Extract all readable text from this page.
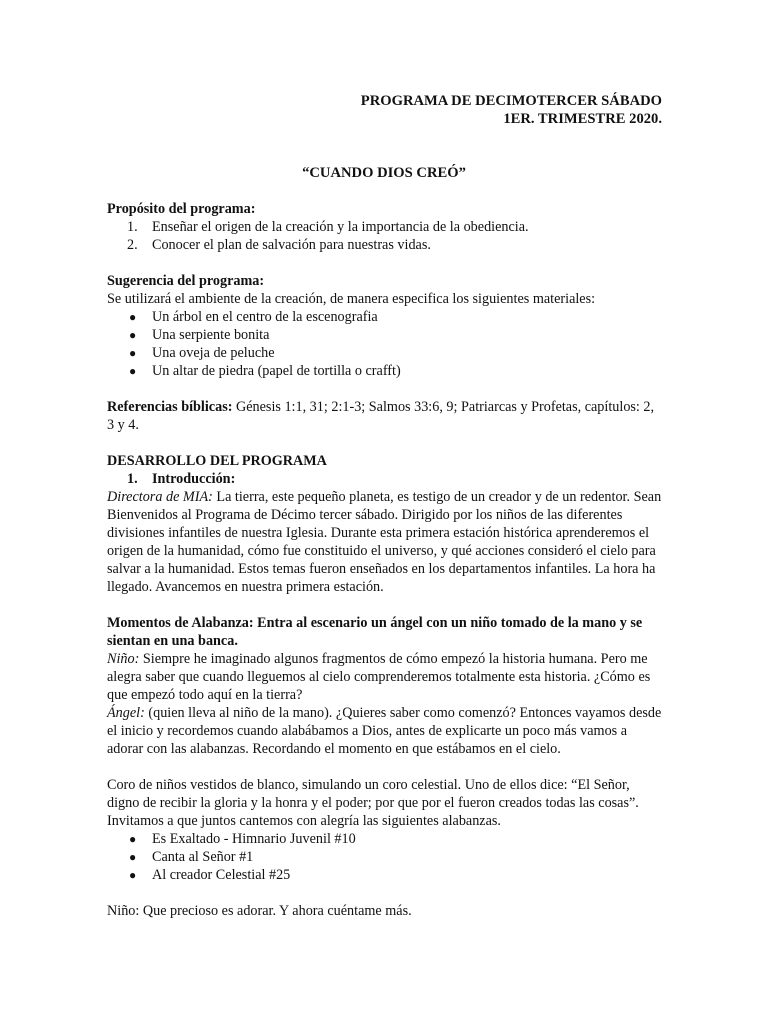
PROGRAMA DE DECIMOTERCER SÁBADO
1ER. TRIMESTRE 2020.
“CUANDO DIOS CREÓ”
Propósito del programa:
1.	Enseñar el origen de la creación y la importancia de la obediencia.
2.	Conocer el plan de salvación para nuestras vidas.
Sugerencia del programa:

Se utilizará el ambiente de la creación, de manera especifica los siguientes materiales:

●	Un árbol en el centro de la escenografia
●	Una serpiente bonita
●	Una oveja de peluche
●	Un altar de piedra (papel de tortilla o crafft)

Referencias bíblicas: Génesis 1:1, 31; 2:1-3; Salmos 33:6, 9; Patriarcas y Profetas, capítulos: 2, 3 y 4.

DESARROLLO DEL PROGRAMA
1.	Introducción:

Directora de MIA: La tierra, este pequeño planeta, es testigo de un creador y de un redentor. Sean Bienvenidos al Programa de Décimo tercer sábado. Dirigido por los niños de las diferentes divisiones infantiles de nuestra Iglesia. Durante esta primera estación histórica aprenderemos el origen de la humanidad, cómo fue constituido el universo, y qué acciones consideró el cielo para salvar a la humanidad. Estos temas fueron enseñados en los departamentos infantiles. La hora ha llegado. Avancemos en nuestra primera estación.

Momentos de Alabanza: Entra al escenario un ángel con un niño tomado de la mano y se sientan en una banca.

Niño: Siempre he imaginado algunos fragmentos de cómo empezó la historia humana. Pero me alegra saber que cuando lleguemos al cielo comprenderemos totalmente esta historia. ¿Cómo es que empezó todo aquí en la tierra?

Ángel: (quien lleva al niño de la mano). ¿Quieres saber como comenzó? Entonces vayamos desde el inicio y recordemos cuando alabábamos a Dios, antes de explicarte un poco más vamos a adorar con las alabanzas. Recordando el momento en que estábamos en el cielo.

Coro de niños vestidos de blanco, simulando un coro celestial. Uno de ellos dice: “El Señor, digno de recibir la gloria y la honra y el poder; por que por el fueron creados todas las cosas”. Invitamos a que juntos cantemos con alegría las siguientes alabanzas.

●	Es Exaltado - Himnario Juvenil #10
●	Canta al Señor #1
●	Al creador Celestial #25

Niño: Que precioso es adorar. Y ahora cuéntame más.
